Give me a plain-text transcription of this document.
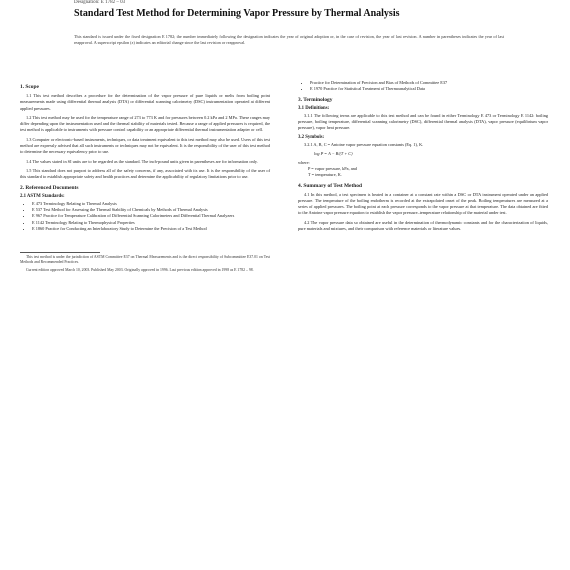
Designation: E 1782 – 03
Standard Test Method for Determining Vapor Pressure by Thermal Analysis
This standard is issued under the fixed designation E 1782; the number immediately following the designation indicates the year of original adoption or, in the case of revision, the year of last revision. A number in parentheses indicates the year of last reapproval. A superscript epsilon (ε) indicates an editorial change since the last revision or reapproval.
1. Scope

1.1 This test method describes a procedure for the determination of the vapor pressure of pure liquids or melts from boiling point measurements made using differential thermal analysis (DTA) or differential scanning calorimetry (DSC) instrumentation operated at different applied pressures.

1.2 This test method may be used for the temperature range of 273 to 773 K and for pressures between 0.2 kPa and 2 MPa. These ranges may differ depending upon the instrumentation used and the thermal stability of materials tested. Because a range of applied pressures is required, the test method is applicable to instruments with pressure control capability or an appropriate differential thermal instrumentation adapter or cell.

1.3 Computer or electronic-based instruments, techniques, or data treatment equivalent to this test method may also be used. Users of this test method are expressly advised that all such instruments or techniques may not be equivalent. It is the responsibility of the user of this test method to determine the necessary equivalency prior to use.

1.4 The values stated in SI units are to be regarded as the standard. The inch-pound units given in parentheses are for information only.

1.5 This standard does not purport to address all of the safety concerns, if any, associated with its use. It is the responsibility of the user of this standard to establish appropriate safety and health practices and determine the applicability of regulatory limitations prior to use.

2. Referenced Documents
2.1 ASTM Standards:
• E 473 Terminology Relating to Thermal Analysis
• E 537 Test Method for Assessing the Thermal Stability of Chemicals by Methods of Thermal Analysis
• E 967 Practice for Temperature Calibration of Differential Scanning Calorimeters and Differential Thermal Analyzers
• E 1142 Terminology Relating to Thermophysical Properties
• E 1860 Practice for Conducting an Interlaboratory Study to Determine the Precision of a Test Method

This test method is under the jurisdiction of ASTM Committee E37 on Thermal Measurements and is the direct responsibility of Subcommittee E37.01 on Test Methods and Recommended Practices.

Current edition approved March 10, 2003. Published May 2003. Originally approved in 1996. Last previous edition approved in 1998 as E 1782 – 98.

• Practice for Determination of Precision and Bias of Methods of Committee E37
• E 1970 Practice for Statistical Treatment of Thermoanalytical Data
3. Terminology
3.1 Definitions:

3.1.1 The following terms are applicable to this test method and can be found in either Terminology E 473 or Terminology E 1142: boiling pressure, boiling temperature, differential scanning calorimetry (DSC), differential thermal analysis (DTA), vapor pressure (equilibrium vapor pressure), vapor heat pressure.

3.2 Symbols:

3.2.1 A, B, C = Antoine vapor pressure equation constants (Eq. 1), K.

log P = A − B/(T + C)
where:
P = vapor pressure, kPa, and
T = temperature, K.
4. Summary of Test Method

4.1 In this method, a test specimen is heated in a container at a constant rate within a DSC or DTA instrument operated under an applied pressure. The temperature of the boiling endotherm is recorded at the extrapolated onset of the peak. Boiling temperatures are measured at a series of applied pressures. The boiling point at each pressure corresponds to the vapor pressure at that temperature. The data obtained are fitted to the Antoine vapor pressure equation to establish the vapor pressure–temperature relationship of the material under test.

4.2 The vapor pressure data so obtained are useful in the determination of thermodynamic constants and for the characterization of liquids, pure materials and mixtures, and their comparison with reference materials or literature values.
